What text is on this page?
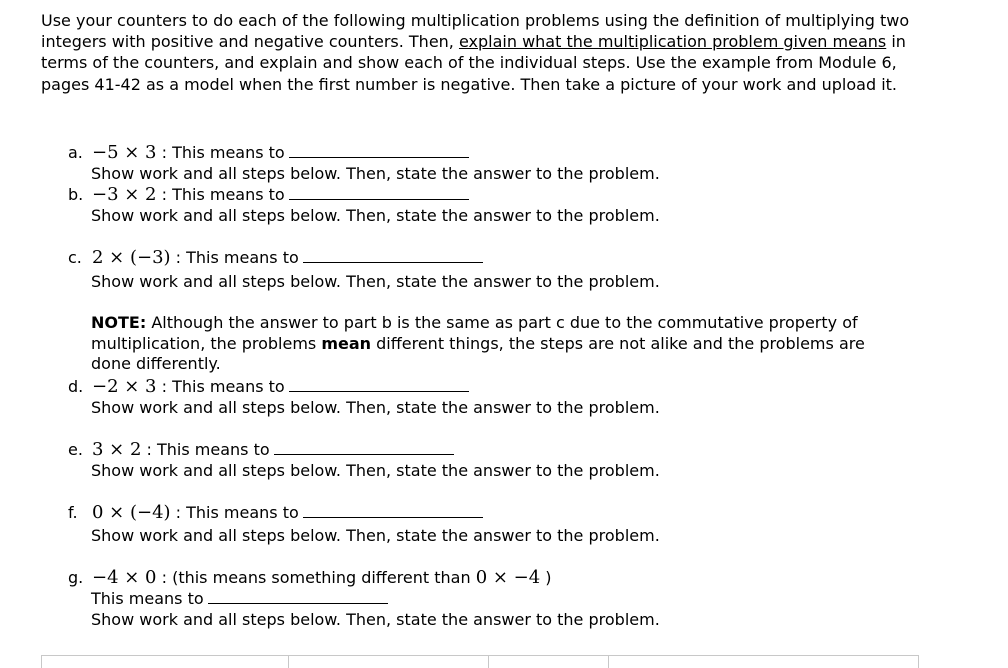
Use your counters to do each of the following multiplication problems using the definition of multiplying two integers with positive and negative counters. Then, explain what the multiplication problem given means in terms of the counters, and explain and show each of the individual steps. Use the example from Module 6, pages 41-42 as a model when the first number is negative. Then take a picture of your work and upload it.
a. −5 × 3 : This means to
Show work and all steps below. Then, state the answer to the problem.
b. −3 × 2 : This means to
Show work and all steps below. Then, state the answer to the problem.
c. 2 × (−3) : This means to
Show work and all steps below. Then, state the answer to the problem.
NOTE: Although the answer to part b is the same as part c due to the commutative property of multiplication, the problems mean different things, the steps are not alike and the problems are done differently.
d. −2 × 3 : This means to
Show work and all steps below. Then, state the answer to the problem.
e. 3 × 2 : This means to
Show work and all steps below. Then, state the answer to the problem.
f. 0 × (−4) : This means to
Show work and all steps below. Then, state the answer to the problem.
g. −4 × 0 : (this means something different than 0 × −4 )
This means to
Show work and all steps below. Then, state the answer to the problem.
